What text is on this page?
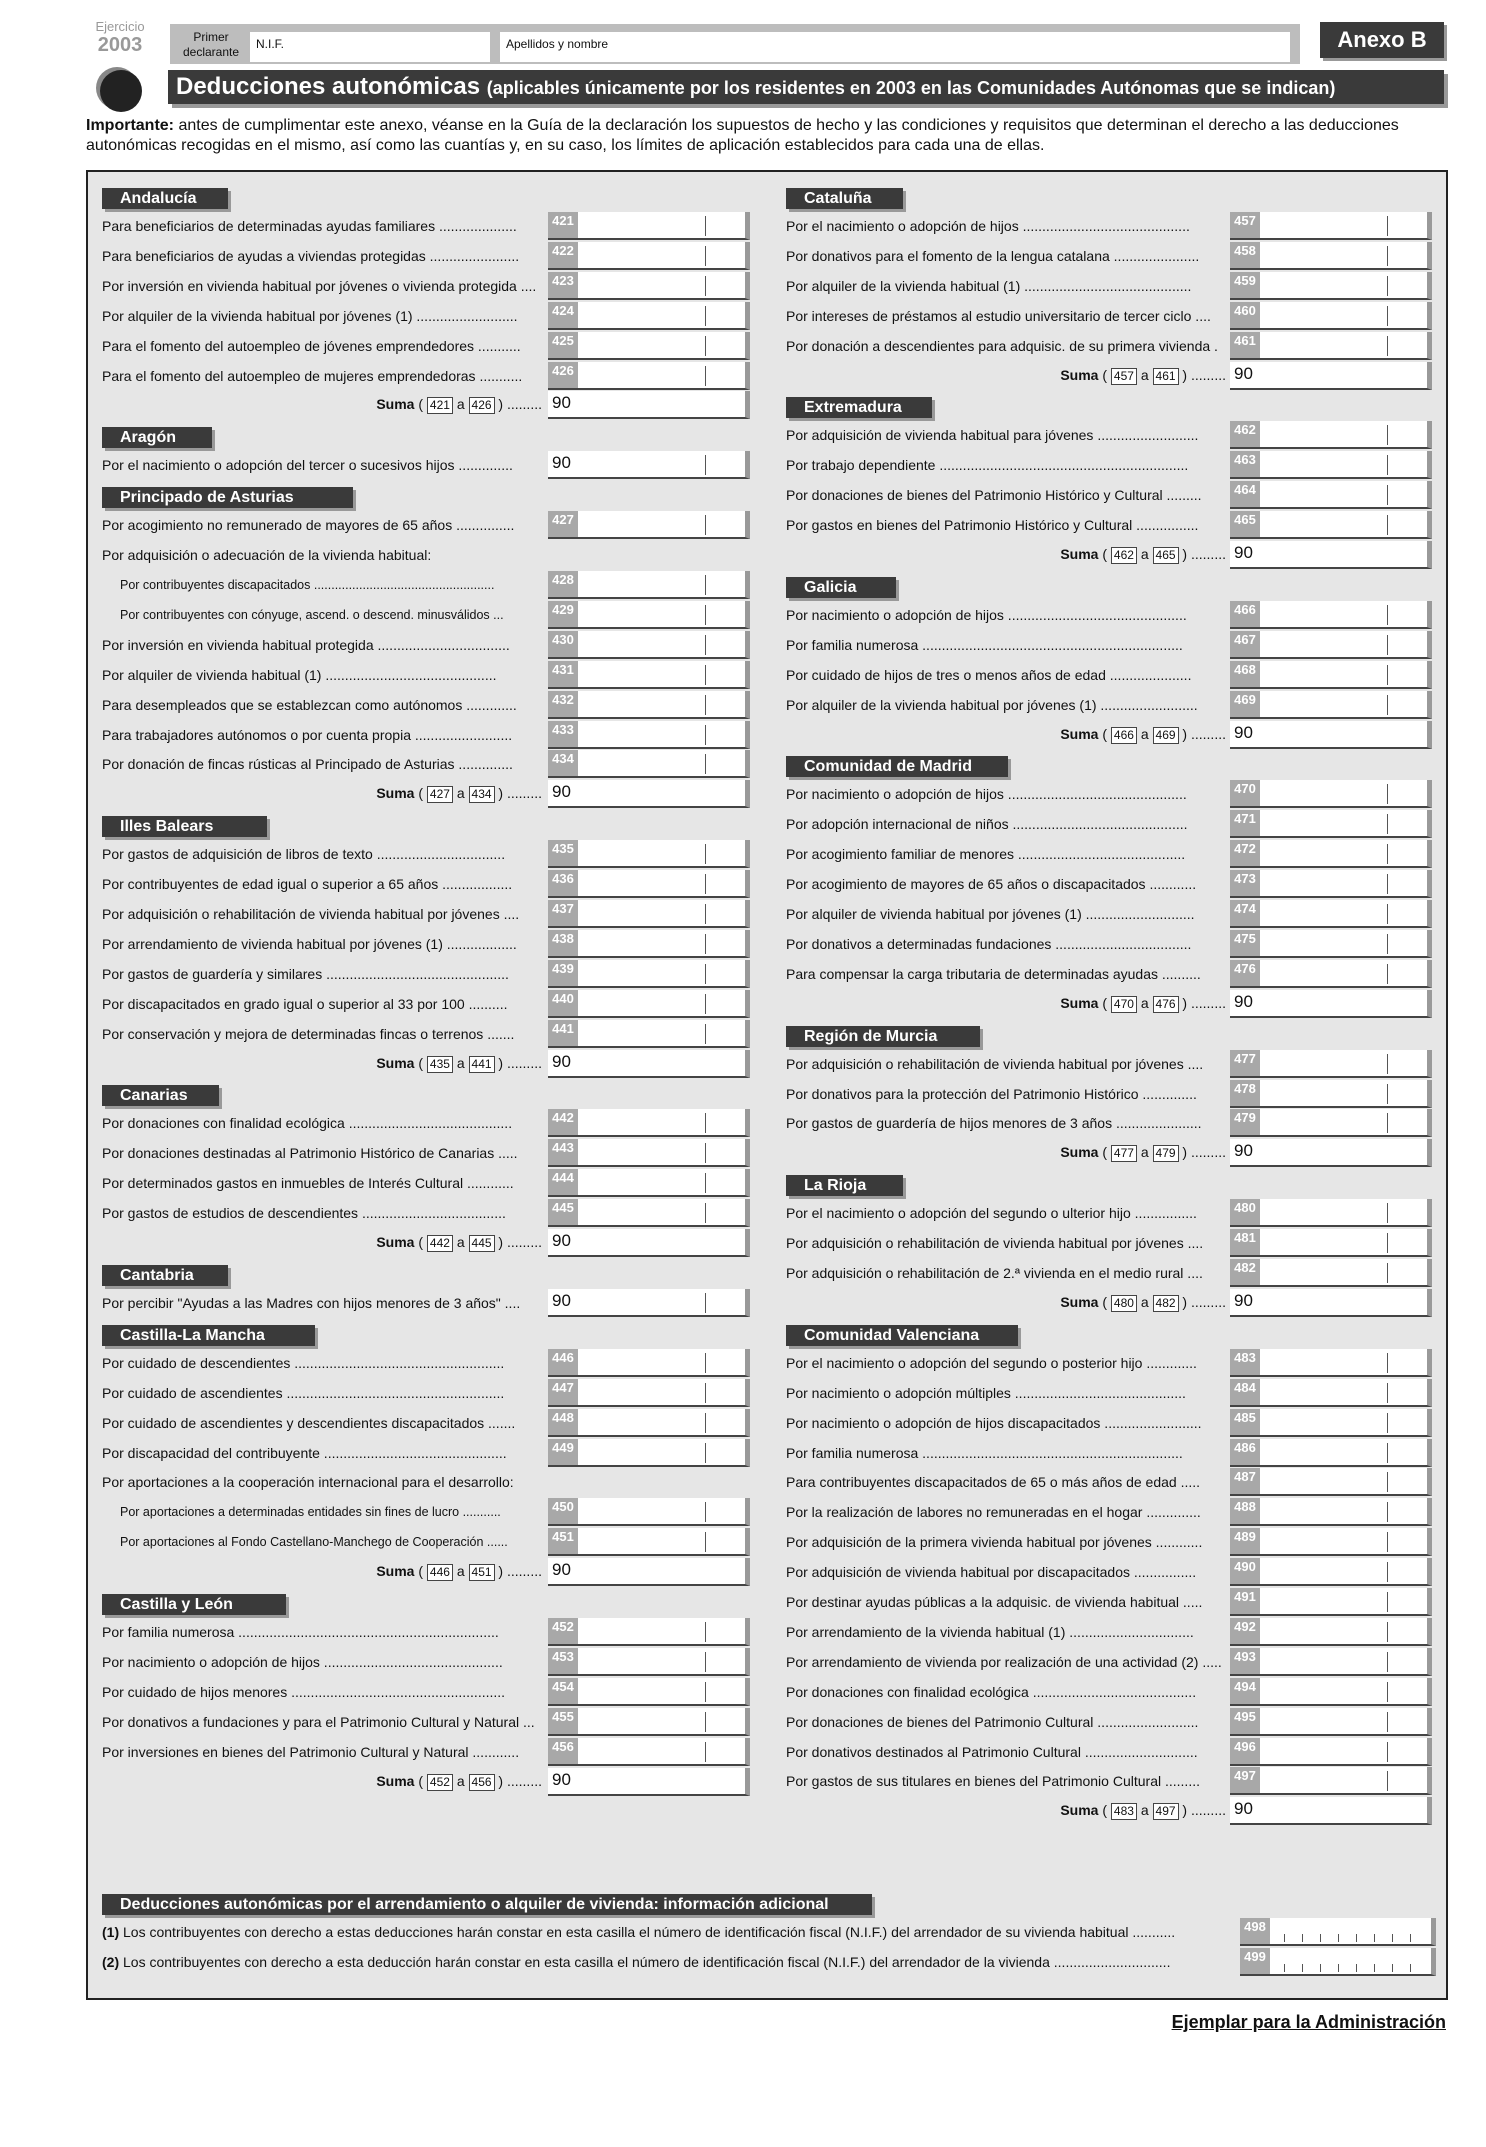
Ejercicio
2003	Primer declarante
N.I.F.	Apellidos y nombre	Anexo B
Deducciones autonómicas (aplicables únicamente por los residentes en 2003 en las Comunidades Autónomas que se indican)
Importante: antes de cumplimentar este anexo, véanse en la Guía de la declaración los supuestos de hecho y las condiciones y requisitos que determinan el derecho a las deducciones autonómicas recogidas en el mismo, así como las cuantías y, en su caso, los límites de aplicación establecidos para cada una de ellas.
Andalucía
Para beneficiarios de determinadas ayudas familiares ....................	421
Para beneficiarios de ayudas a viviendas protegidas .......................	422
Por inversión en vivienda habitual por jóvenes o vivienda protegida ....	423
Por alquiler de la vivienda habitual por jóvenes (1) ..........................	424
Para el fomento del autoempleo de jóvenes emprendedores ...........	425
Para el fomento del autoempleo de mujeres emprendedoras ...........	426
Suma ( 421 a 426 ) ......... 90
Aragón
Por el nacimiento o adopción del tercer o sucesivos hijos ..............	90
Principado de Asturias
Por acogimiento no remunerado de mayores de 65 años ...............	427
Por adquisición o adecuación de la vivienda habitual:
Por contribuyentes discapacitados ....................................................	428
Por contribuyentes con cónyuge, ascend. o descend. minusválidos ...	429
Por inversión en vivienda habitual protegida ..................................	430
Por alquiler de vivienda habitual (1) ............................................	431
Para desempleados que se establezcan como autónomos .............	432
Para trabajadores autónomos o por cuenta propia .........................	433
Por donación de fincas rústicas al Principado de Asturias ..............	434
Suma ( 427 a 434 ) ......... 90
Illes Balears
Por gastos de adquisición de libros de texto .................................	435
Por contribuyentes de edad igual o superior a 65 años ..................	436
Por adquisición o rehabilitación de vivienda habitual por jóvenes ....	437
Por arrendamiento de vivienda habitual por jóvenes (1) ..................	438
Por gastos de guardería y similares ...............................................	439
Por discapacitados en grado igual o superior al 33 por 100 ..........	440
Por conservación y mejora de determinadas fincas o terrenos .......	441
Suma ( 435 a 441 ) ......... 90
Canarias
Por donaciones con finalidad ecológica ..........................................	442
Por donaciones destinadas al Patrimonio Histórico de Canarias .....	443
Por determinados gastos en inmuebles de Interés Cultural ............	444
Por gastos de estudios de descendientes .....................................	445
Suma ( 442 a 445 ) ......... 90
Cantabria
Por percibir "Ayudas a las Madres con hijos menores de 3 años" ....	90
Castilla-La Mancha
Por cuidado de descendientes ......................................................	446
Por cuidado de ascendientes ........................................................	447
Por cuidado de ascendientes y descendientes discapacitados .......	448
Por discapacidad del contribuyente ...............................................	449
Por aportaciones a la cooperación internacional para el desarrollo:
Por aportaciones a determinadas entidades sin fines de lucro ...........	450
Por aportaciones al Fondo Castellano-Manchego de Cooperación ......	451
Suma ( 446 a 451 ) ......... 90
Castilla y León
Por familia numerosa ...................................................................	452
Por nacimiento o adopción de hijos ..............................................	453
Por cuidado de hijos menores .......................................................	454
Por donativos a fundaciones y para el Patrimonio Cultural y Natural ...	455
Por inversiones en bienes del Patrimonio Cultural y Natural ............	456
Suma ( 452 a 456 ) ......... 90
Cataluña
Por el nacimiento o adopción de hijos ...........................................	457
Por donativos para el fomento de la lengua catalana ......................	458
Por alquiler de la vivienda habitual (1) ...........................................	459
Por intereses de préstamos al estudio universitario de tercer ciclo ....	460
Por donación a descendientes para adquisic. de su primera vivienda .	461
Suma ( 457 a 461 ) ......... 90
Extremadura
Por adquisición de vivienda habitual para jóvenes ..........................	462
Por trabajo dependiente ................................................................	463
Por donaciones de bienes del Patrimonio Histórico y Cultural .........	464
Por gastos en bienes del Patrimonio Histórico y Cultural ................	465
Suma ( 462 a 465 ) ......... 90
Galicia
Por nacimiento o adopción de hijos ..............................................	466
Por familia numerosa ...................................................................	467
Por cuidado de hijos de tres o menos años de edad .....................	468
Por alquiler de la vivienda habitual por jóvenes (1) .........................	469
Suma ( 466 a 469 ) ......... 90
Comunidad de Madrid
Por nacimiento o adopción de hijos ..............................................	470
Por adopción internacional de niños .............................................	471
Por acogimiento familiar de menores ...........................................	472
Por acogimiento de mayores de 65 años o discapacitados ............	473
Por alquiler de vivienda habitual por jóvenes (1) ............................	474
Por donativos a determinadas fundaciones ...................................	475
Para compensar la carga tributaria de determinadas ayudas ..........	476
Suma ( 470 a 476 ) ......... 90
Región de Murcia
Por adquisición o rehabilitación de vivienda habitual por jóvenes ....	477
Por donativos para la protección del Patrimonio Histórico ..............	478
Por gastos de guardería de hijos menores de 3 años ......................	479
Suma ( 477 a 479 ) ......... 90
La Rioja
Por el nacimiento o adopción del segundo o ulterior hijo ................	480
Por adquisición o rehabilitación de vivienda habitual por jóvenes ....	481
Por adquisición o rehabilitación de 2.ª vivienda en el medio rural ....	482
Suma ( 480 a 482 ) ......... 90
Comunidad Valenciana
Por el nacimiento o adopción del segundo o posterior hijo .............	483
Por nacimiento o adopción múltiples ............................................	484
Por nacimiento o adopción de hijos discapacitados .........................	485
Por familia numerosa ...................................................................	486
Para contribuyentes discapacitados de 65 o más años de edad .....	487
Por la realización de labores no remuneradas en el hogar ..............	488
Por adquisición de la primera vivienda habitual por jóvenes ............	489
Por adquisición de vivienda habitual por discapacitados ................	490
Por destinar ayudas públicas a la adquisic. de vivienda habitual .....	491
Por arrendamiento de la vivienda habitual (1) ................................	492
Por arrendamiento de vivienda por realización de una actividad (2) ..... 493
Por donaciones con finalidad ecológica ..........................................	494
Por donaciones de bienes del Patrimonio Cultural ..........................	495
Por donativos destinados al Patrimonio Cultural .............................	496
Por gastos de sus titulares en bienes del Patrimonio Cultural .........	497
Suma ( 483 a 497 ) ......... 90
Deducciones autonómicas por el arrendamiento o alquiler de vivienda: información adicional
(1) Los contribuyentes con derecho a estas deducciones harán constar en esta casilla el número de identificación fiscal (N.I.F.) del arrendador de su vivienda habitual ...........	498
(2) Los contribuyentes con derecho a esta deducción harán constar en esta casilla el número de identificación fiscal (N.I.F.) del arrendador de la vivienda ..............................	499
Ejemplar para la Administración
